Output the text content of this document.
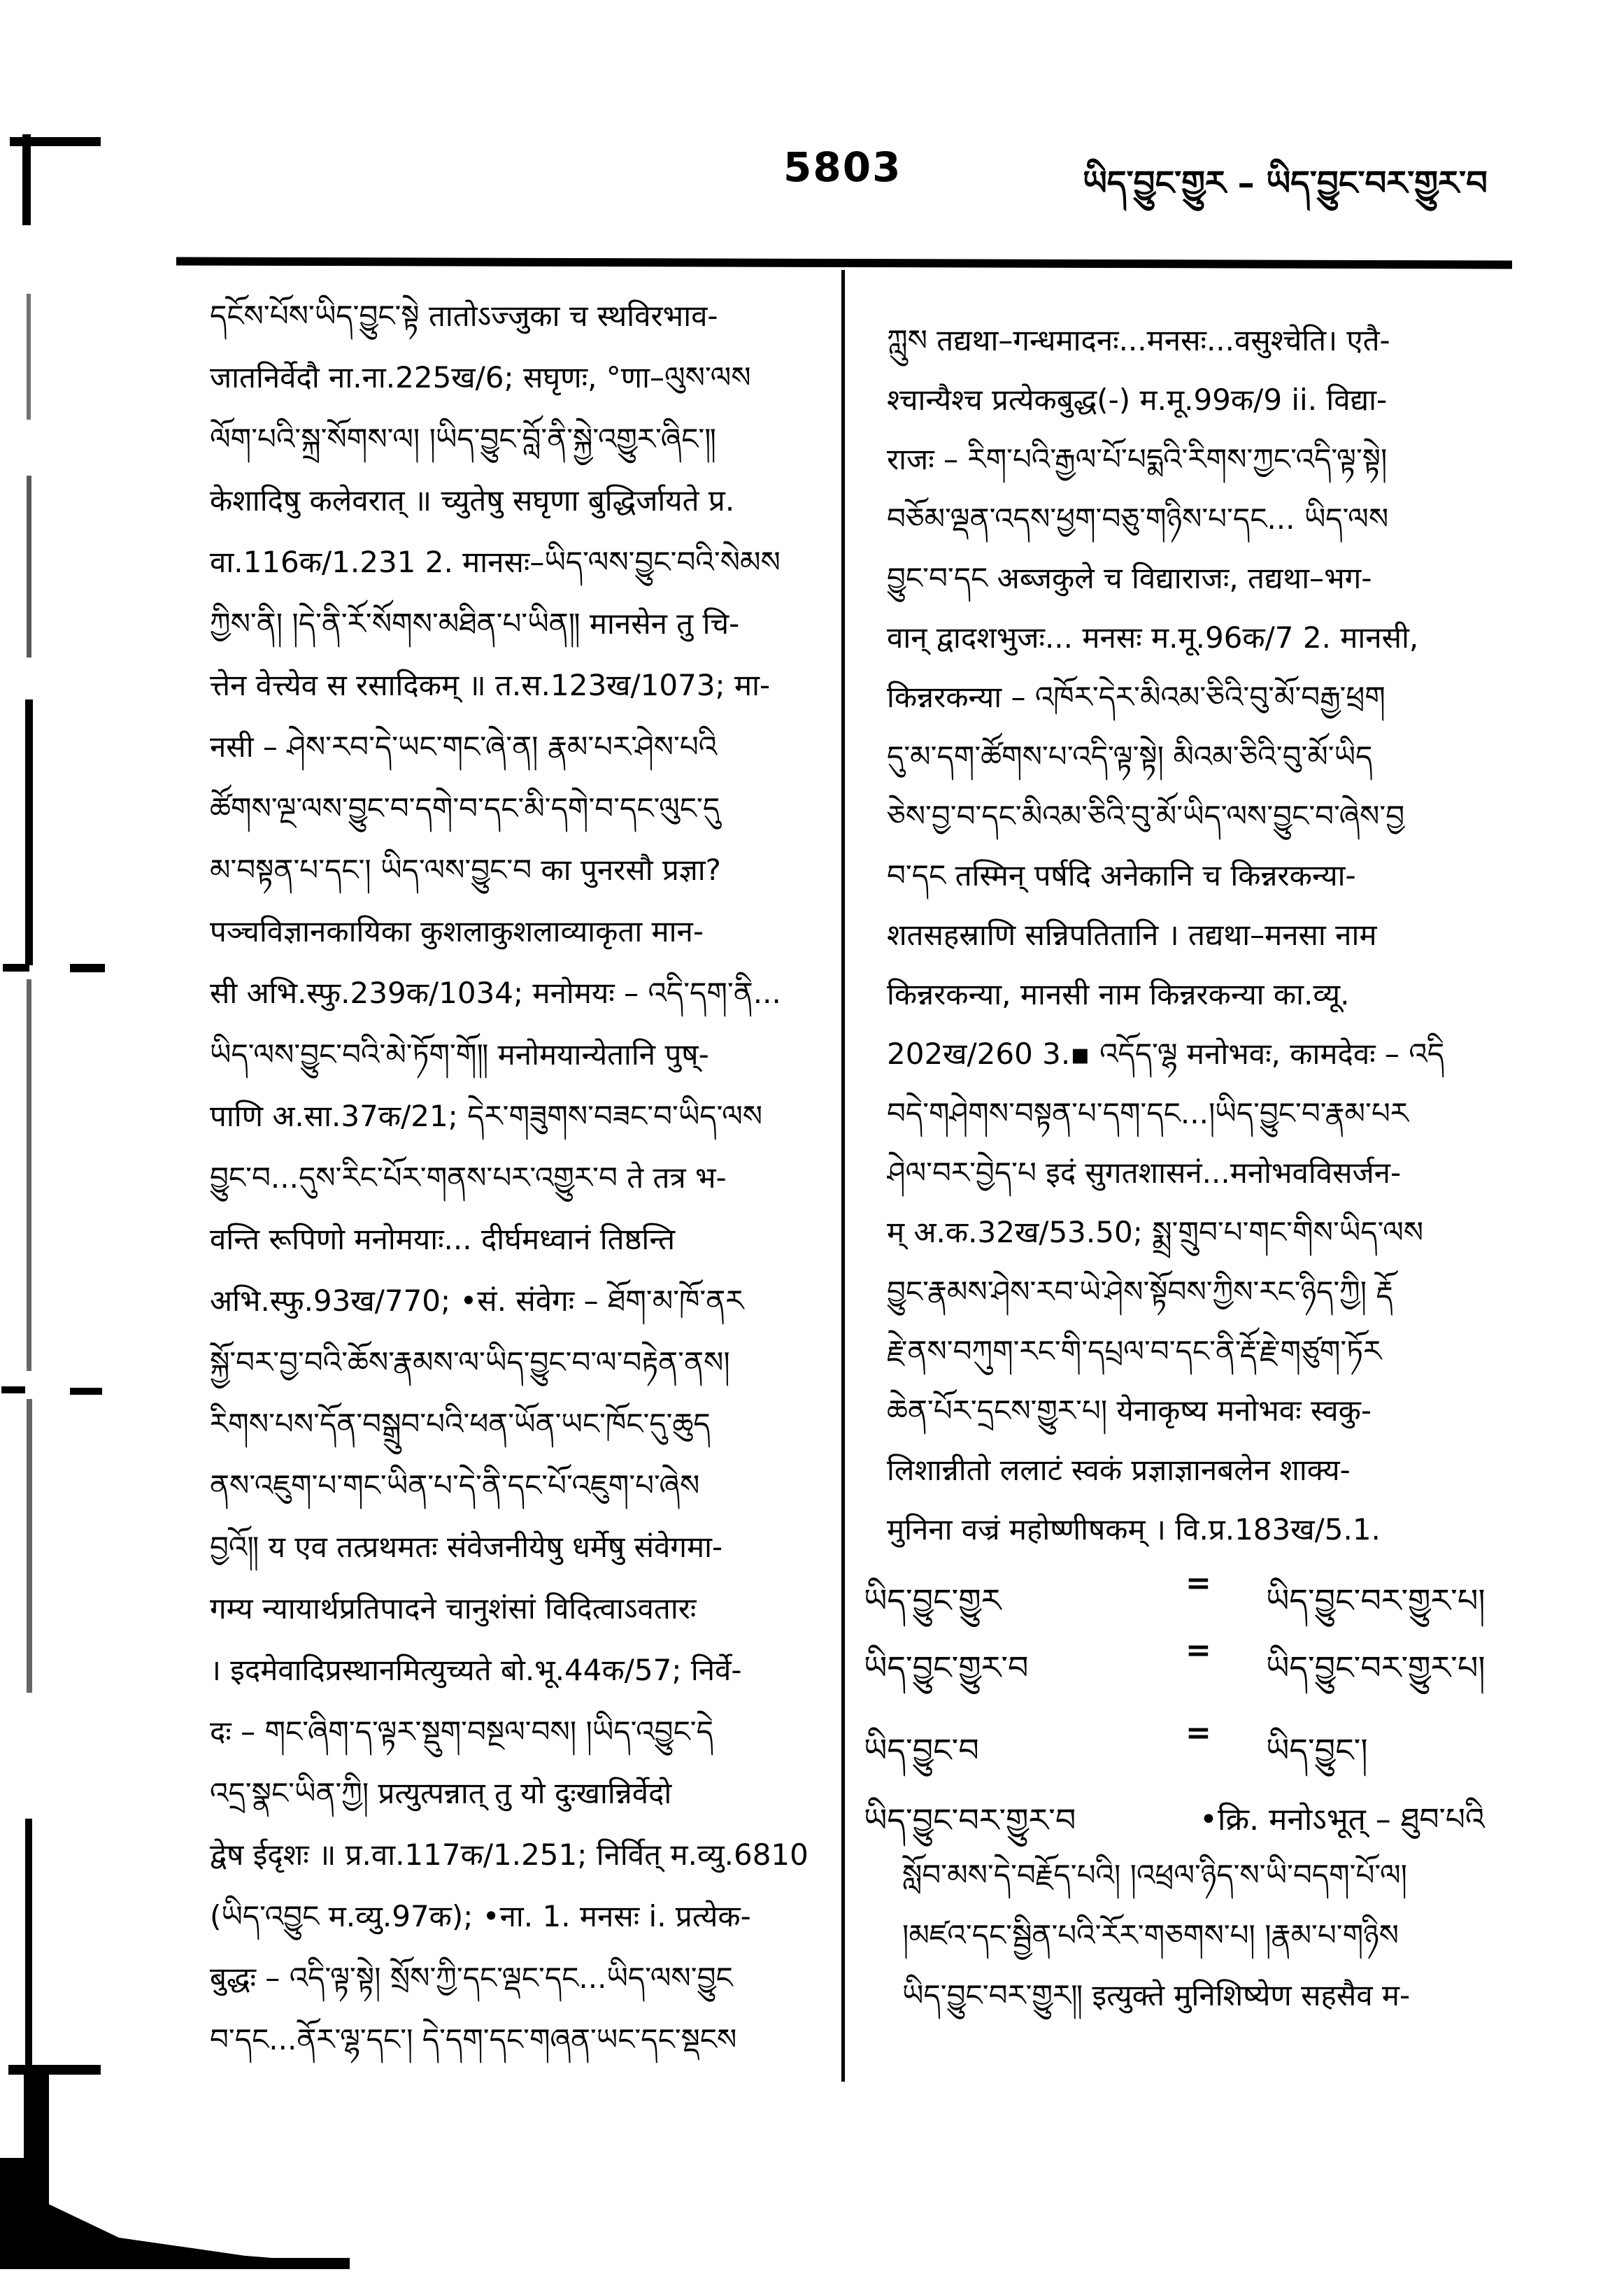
5803	ཡིད་བྱུང་གྱུར – ཡིད་བྱུང་བར་གྱུར་བ
དངོས་པོས་ཡིད་བྱུང་སྟེ तातोऽज्जुका च स्थविरभाव-
जातनिर्वेदौ ना.ना.225ख/6; सघृणः, °णा–ལུས་ལས
ལོག་པའི་སྐྲ་སོགས་ལ། །ཡིད་བྱུང་བློ་ནི་སྐྱེ་འགྱུར་ཞིང་༎
केशादिषु कलेवरात् ॥ च्युतेषु सघृणा बुद्धिर्जायते प्र.
वा.116क/1.231 2. मानसः–ཡིད་ལས་བྱུང་བའི་སེམས
ཀྱིས་ནི། །དེ་ནི་རོ་སོགས་མཐིན་པ་ཡིན༎ मानसेन तु चि-
त्तेन वेत्त्येव स रसादिकम् ॥ त.स.123ख/1073; मा-
नसी – ཤེས་རབ་དེ་ཡང་གང་ཞེ་ན། རྣམ་པར་ཤེས་པའི
ཚོགས་ལྔ་ལས་བྱུང་བ་དགེ་བ་དང་མི་དགེ་བ་དང་ལུང་དུ
མ་བསྟན་པ་དང་། ཡིད་ལས་བྱུང་བ का पुनरसौ प्रज्ञा?
पञ्चविज्ञानकायिका कुशलाकुशलाव्याकृता मान-
सी अभि.स्फु.239क/1034; मनोमयः – འདི་དག་ནི...
ཡིད་ལས་བྱུང་བའི་མེ་ཏོག་གོ༎ मनोमयान्येतानि पुष्-
पाणि अ.सा.37क/21; དེར་གཟུགས་བཟང་བ་ཡིད་ལས
བྱུང་བ...དུས་རིང་པོར་གནས་པར་འགྱུར་བ ते तत्र भ-
वन्ति रूपिणो मनोमयाः... दीर्घमध्वानं तिष्ठन्ति
अभि.स्फु.93ख/770; •सं. संवेगः – ཐོག་མ་ཁོ་ནར
སྐྱོ་བར་བྱ་བའི་ཆོས་རྣམས་ལ་ཡིད་བྱུང་བ་ལ་བརྟེན་ནས།
རིགས་པས་དོན་བསྒྲུབ་པའི་ཕན་ཡོན་ཡང་ཁོང་དུ་ཆུད
ནས་འཇུག་པ་གང་ཡིན་པ་དེ་ནི་དང་པོ་འཇུག་པ་ཞེས
བྱའོ༎ य एव तत्प्रथमतः संवेजनीयेषु धर्मेषु संवेगमा-
गम्य न्यायार्थप्रतिपादने चानुशंसां विदित्वाऽवतारः
। इदमेवादिप्रस्थानमित्युच्यते बो.भू.44क/57; निर्वे-
दः – གང་ཞིག་ད་ལྟར་སྡུག་བསྔལ་བས། །ཡིད་འབྱུང་དེ
འདྲ་སྣང་ཡིན་ཀྱི། प्रत्युत्पन्नात् तु यो दुःखान्निर्वेदो
द्वेष ईदृशः ॥ प्र.वा.117क/1.251; निर्वित् म.व्यु.6810
(ཡིད་འབྱུང म.व्यु.97क); •ना. 1. मनसः i. प्रत्येक-
बुद्धः – འདི་ལྟ་སྟེ། སྲོས་ཀྱི་དང་ལྡང་དང...ཡིད་ལས་བྱུང
བ་དང...ནོར་ལྷ་དང་། དེ་དག་དང་གཞན་ཡང་དང་སྡངས
ཀླུས तद्यथा–गन्धमादनः...मनसः...वसुश्चेति। एतै-
श्चान्यैश्च प्रत्येकबुद्ध(-) म.मू.99क/9 ii. विद्या-
राजः – རིག་པའི་རྒྱལ་པོ་པདྨའི་རིགས་ཀྱང་འདི་ལྟ་སྟེ།
བཅོམ་ལྡན་འདས་ཕྱག་བཅུ་གཉིས་པ་དང... ཡིད་ལས
བྱུང་བ་དང अब्जकुले च विद्याराजः, तद्यथा–भग-
वान् द्वादशभुजः... मनसः म.मू.96क/7 2. मानसी,
किन्नरकन्या – འཁོར་དེར་མིའམ་ཅིའི་བུ་མོ་བརྒྱ་ཕྲག
དུ་མ་དག་ཚོགས་པ་འདི་ལྟ་སྟེ། མིའམ་ཅིའི་བུ་མོ་ཡིད
ཅེས་བྱ་བ་དང་མིའམ་ཅིའི་བུ་མོ་ཡིད་ལས་བྱུང་བ་ཞེས་བྱ
བ་དང तस्मिन् पर्षदि अनेकानि च किन्नरकन्या-
शतसहस्राणि सन्निपतितानि । तद्यथा–मनसा नाम
किन्नरकन्या, मानसी नाम किन्नरकन्या का.व्यू.
202ख/260 3.▪ འདོད་ལྷ मनोभवः, कामदेवः – འདི
བདེ་གཤེགས་བསྟན་པ་དག་དང...།ཡིད་བྱུང་བ་རྣམ་པར
ཤེལ་བར་བྱེད་པ इदं सुगतशासनं...मनोभवविसर्जन-
म् अ.क.32ख/53.50; སྨྲ་གྲུབ་པ་གང་གིས་ཡིད་ལས
བྱུང་རྣམས་ཤེས་རབ་ཡེ་ཤེས་སྟོབས་ཀྱིས་རང་ཉིད་ཀྱི། རྡོ
རྗེ་ནས་བཀུག་རང་གི་དཔྲལ་བ་དང་ནི་རྡོ་རྗེ་གཙུག་ཏོར
ཆེན་པོར་དྲངས་གྱུར་པ། येनाकृष्य मनोभवः स्वकु-
लिशान्नीतो ललाटं स्वकं प्रज्ञाज्ञानबलेन शाक्य-
मुनिना वज्रं महोष्णीषकम् । वि.प्र.183ख/5.1.
ཡིད་བྱུང་གྱུར	= ཡིད་བྱུང་བར་གྱུར་པ།
ཡིད་བྱུང་གྱུར་བ	= ཡིད་བྱུང་བར་གྱུར་པ།
ཡིད་བྱུང་བ	= ཡིད་བྱུང་།
ཡིད་བྱུང་བར་གྱུར་བ	•क्रि. मनोऽभूत् – ཐུབ་པའི
སློབ་མས་དེ་བརྗོད་པའི། །འཕྲལ་ཉིད་ས་ཡི་བདག་པོ་ལ།
།མཛའ་དང་སྦྱིན་པའི་རོར་གཅགས་པ། །རྣམ་པ་གཉིས
ཡིད་བྱུང་བར་གྱུར༎ इत्युक्ते मुनिशिष्येण सहसैव म-
